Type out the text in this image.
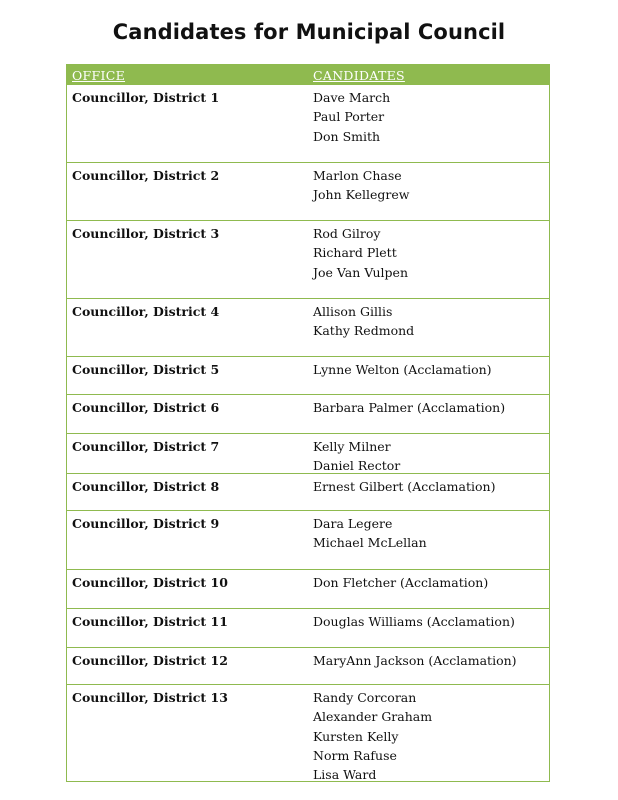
Candidates for Municipal Council
OFFICE	CANDIDATES
Councillor, District 1	Dave March
Paul Porter
Don Smith
Councillor, District 2	Marlon Chase
John Kellegrew
Councillor, District 3	Rod Gilroy
Richard Plett
Joe Van Vulpen
Councillor, District 4	Allison Gillis
Kathy Redmond
Councillor, District 5	Lynne Welton (Acclamation)
Councillor, District 6	Barbara Palmer (Acclamation)
Councillor, District 7	Kelly Milner
Daniel Rector
Councillor, District 8	Ernest Gilbert (Acclamation)
Councillor, District 9	Dara Legere
Michael McLellan
Councillor, District 10	Don Fletcher (Acclamation)
Councillor, District 11	Douglas Williams (Acclamation)
Councillor, District 12	MaryAnn Jackson (Acclamation)
Councillor, District 13	Randy Corcoran
Alexander Graham
Kursten Kelly
Norm Rafuse
Lisa Ward
